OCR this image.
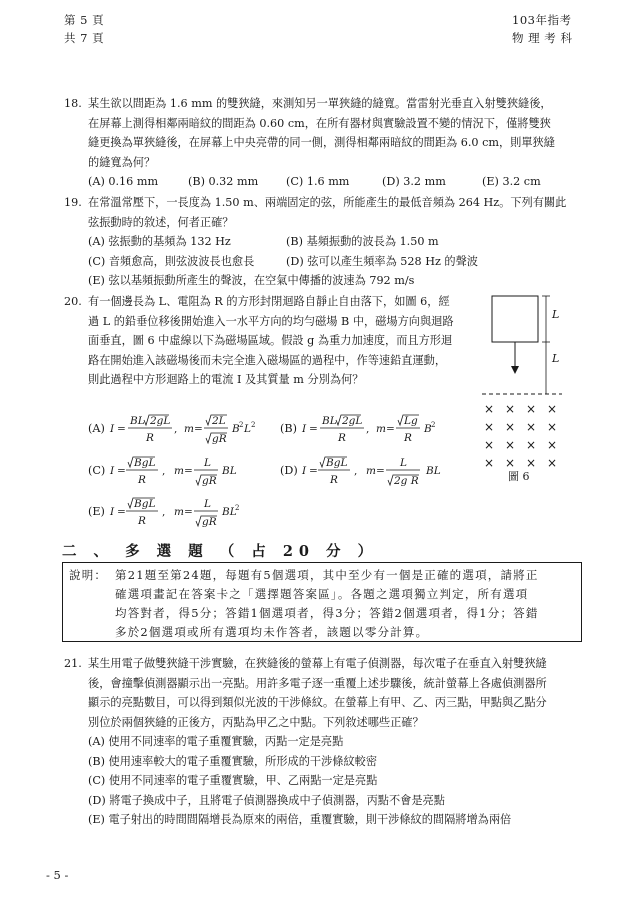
第 5 頁
共 7 頁
103年指考
物 理 考 科
18. 某生欲以間距為 1.6 mm 的雙狹縫，來測知另一單狹縫的縫寬。當雷射光垂直入射雙狹縫後，
在屏幕上測得相鄰兩暗紋的間距為 0.60 cm，在所有器材與實驗設置不變的情況下，僅將雙狹
縫更換為單狹縫後，在屏幕上中央亮帶的同一側，測得相鄰兩暗紋的間距為 6.0 cm，則單狹縫
的縫寬為何？
(A) 0.16 mm	(B) 0.32 mm	(C) 1.6 mm	(D) 3.2 mm	(E) 3.2 cm
19. 在常溫常壓下，一長度為 1.50 m、兩端固定的弦，所能產生的最低音頻為 264 Hz。下列有關此
弦振動時的敘述，何者正確？
(A) 弦振動的基頻為 132 Hz	(B) 基頻振動的波長為 1.50 m
(C) 音頻愈高，則弦波波長也愈長	(D) 弦可以產生頻率為 528 Hz 的聲波
(E) 弦以基頻振動所產生的聲波，在空氣中傳播的波速為 792 m/s
20. 有一個邊長為 L、電阻為 R 的方形封閉迴路自靜止自由落下，如圖 6，經
過 L 的鉛垂位移後開始進入一水平方向的均勻磁場 B 中，磁場方向與迴路
面垂直，圖 6 中虛線以下為磁場區域。假設 g 為重力加速度，而且方形迴
路在開始進入該磁場後而未完全進入磁場區的過程中，作等速鉛直運動，
則此過程中方形迴路上的電流 I 及其質量 m 分別為何？
(A)	(B)
(C)	(D)
(E)
I =
BL 2gL
R
, m =
2L
gR
B 2 L 2	I =
BL 2gL
R
, m =
Lg
R
B 2
I =
BgL
R
, m =
L
gR
BL	I =
BgL
R
, m =
L
2g R
BL
I =
BgL
R
, m =
L
gR
BL
2
L
L
× × × ×
× × × ×
× × × ×
× × × ×
圖 6
二 、 多 選 題 （ 占 20 分 ）
說明： 第21題至第24題，每題有5個選項，其中至少有一個是正確的選項，請將正
確選項畫記在答案卡之「選擇題答案區」。各題之選項獨立判定，所有選項
均答對者，得5分；答錯1個選項者，得3分；答錯2個選項者，得1分；答錯
多於2個選項或所有選項均未作答者，該題以零分計算。
21. 某生用電子做雙狹縫干涉實驗，在狹縫後的螢幕上有電子偵測器，每次電子在垂直入射雙狹縫
後，會撞擊偵測器顯示出一亮點。用許多電子逐一重覆上述步驟後，統計螢幕上各處偵測器所
顯示的亮點數目，可以得到類似光波的干涉條紋。在螢幕上有甲、乙、丙三點，甲點與乙點分
別位於兩個狹縫的正後方，丙點為甲乙之中點。下列敘述哪些正確？
(A) 使用不同速率的電子重覆實驗，丙點一定是亮點
(B) 使用速率較大的電子重覆實驗，所形成的干涉條紋較密
(C) 使用不同速率的電子重覆實驗，甲、乙兩點一定是亮點
(D) 將電子換成中子，且將電子偵測器換成中子偵測器，丙點不會是亮點
(E) 電子射出的時間間隔增長為原來的兩倍，重覆實驗，則干涉條紋的間隔將增為兩倍
- 5 -
